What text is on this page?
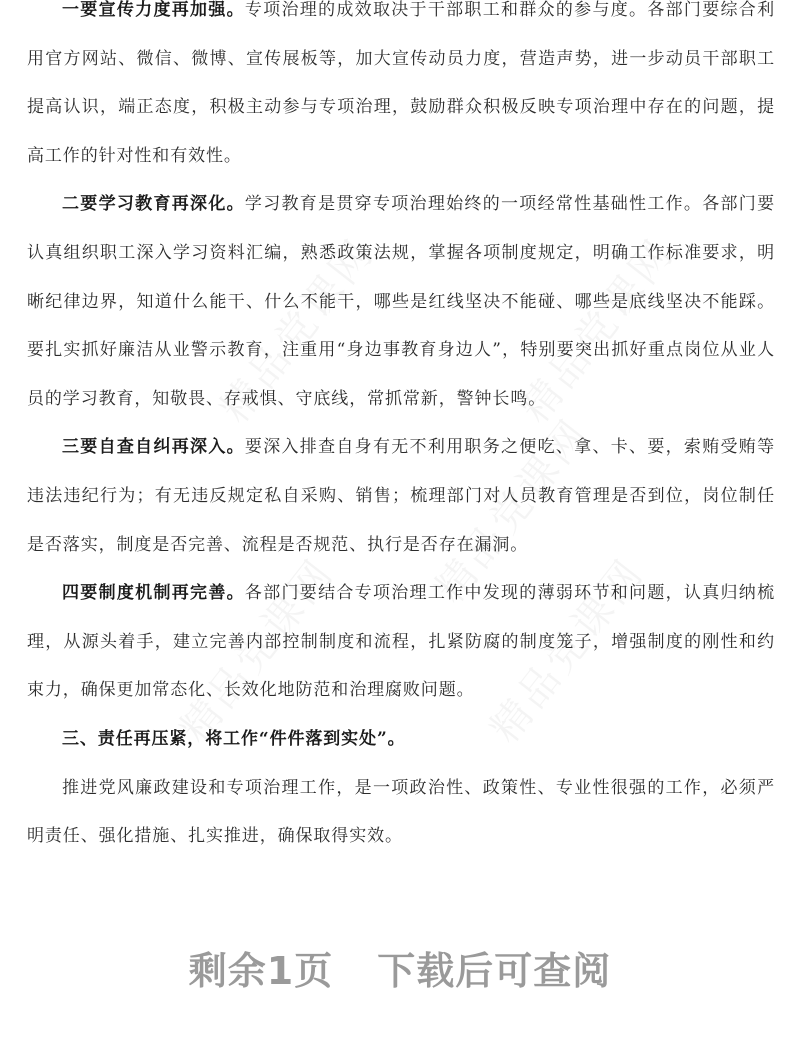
一要宣传力度再加强。专项治理的成效取决于干部职工和群众的参与度。各部门要综合利用官方网站、微信、微博、宣传展板等，加大宣传动员力度，营造声势，进一步动员干部职工提高认识，端正态度，积极主动参与专项治理，鼓励群众积极反映专项治理中存在的问题，提高工作的针对性和有效性。

二要学习教育再深化。学习教育是贯穿专项治理始终的一项经常性基础性工作。各部门要认真组织职工深入学习资料汇编，熟悉政策法规，掌握各项制度规定，明确工作标准要求，明晰纪律边界，知道什么能干、什么不能干，哪些是红线坚决不能碰、哪些是底线坚决不能踩。要扎实抓好廉洁从业警示教育，注重用“身边事教育身边人”，特别要突出抓好重点岗位从业人员的学习教育，知敬畏、存戒惧、守底线，常抓常新，警钟长鸣。

三要自查自纠再深入。要深入排查自身有无不利用职务之便吃、拿、卡、要，索贿受贿等违法违纪行为；有无违反规定私自采购、销售；梳理部门对人员教育管理是否到位，岗位制任是否落实，制度是否完善、流程是否规范、执行是否存在漏洞。

四要制度机制再完善。各部门要结合专项治理工作中发现的薄弱环节和问题，认真归纳梳理，从源头着手，建立完善内部控制制度和流程，扎紧防腐的制度笼子，增强制度的刚性和约束力，确保更加常态化、长效化地防范和治理腐败问题。

三、责任再压紧，将工作“件件落到实处”。

推进党风廉政建设和专项治理工作，是一项政治性、政策性、专业性很强的工作，必须严明责任、强化措施、扎实推进，确保取得实效。

剩余1页 下载后可查阅
